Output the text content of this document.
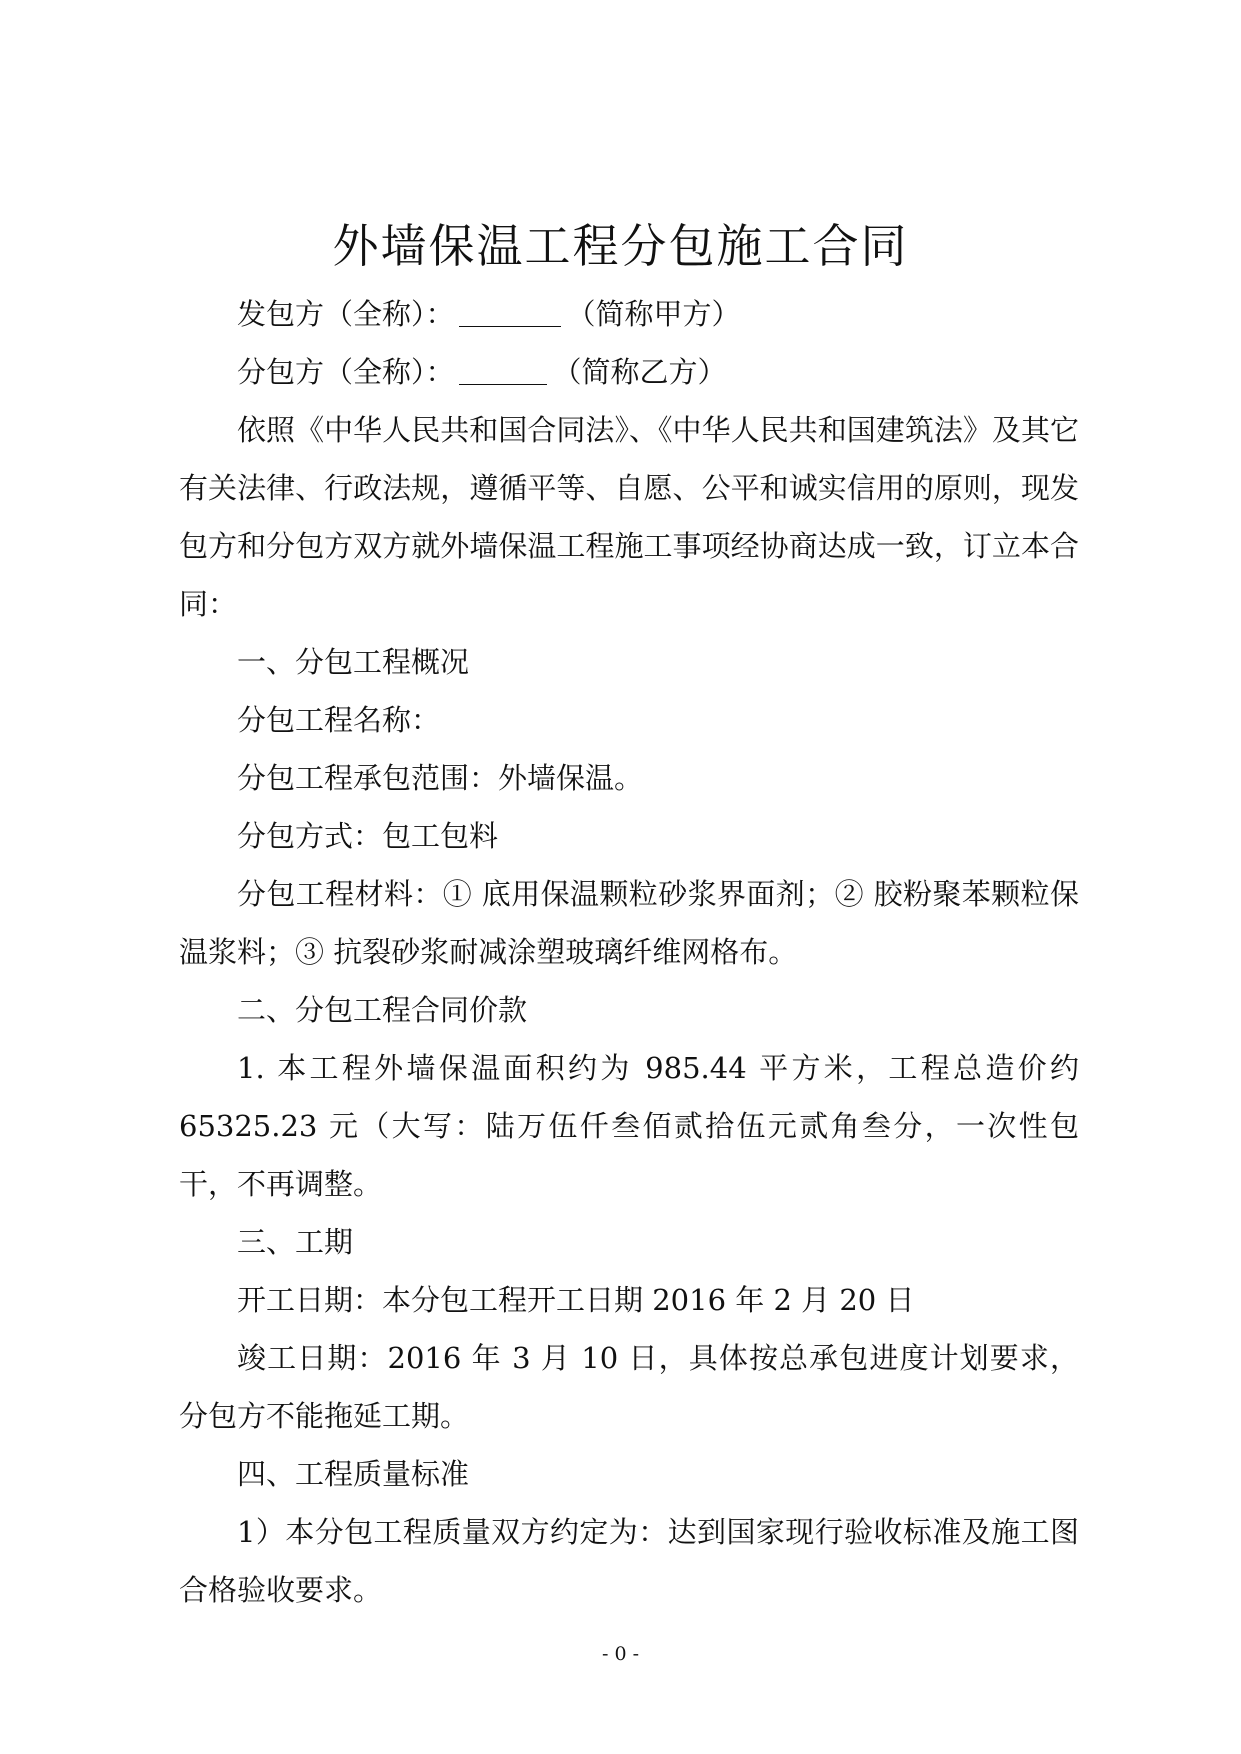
外墙保温工程分包施工合同

发包方（全称）：	（简称甲方）

分包方（全称）：	（简称乙方）

依照《中华人民共和国合同法》、《中华人民共和国建筑法》及其它有关法律、行政法规，遵循平等、自愿、公平和诚实信用的原则，现发包方和分包方双方就外墙保温工程施工事项经协商达成一致，订立本合同：

一、分包工程概况

分包工程名称：

分包工程承包范围：外墙保温。

分包方式：包工包料

分包工程材料：① 底用保温颗粒砂浆界面剂；② 胶粉聚苯颗粒保温浆料；③ 抗裂砂浆耐减涂塑玻璃纤维网格布。

二、分包工程合同价款

1. 本工程外墙保温面积约为 985.44 平方米，工程总造价约 65325.23 元（大写：陆万伍仟叁佰贰拾伍元贰角叁分，一次性包干，不再调整。

三、工期

开工日期：本分包工程开工日期 2016 年 2 月 20 日

竣工日期：2016 年 3 月 10 日，具体按总承包进度计划要求，分包方不能拖延工期。

四、工程质量标准

1）本分包工程质量双方约定为：达到国家现行验收标准及施工图合格验收要求。

- 0 -
